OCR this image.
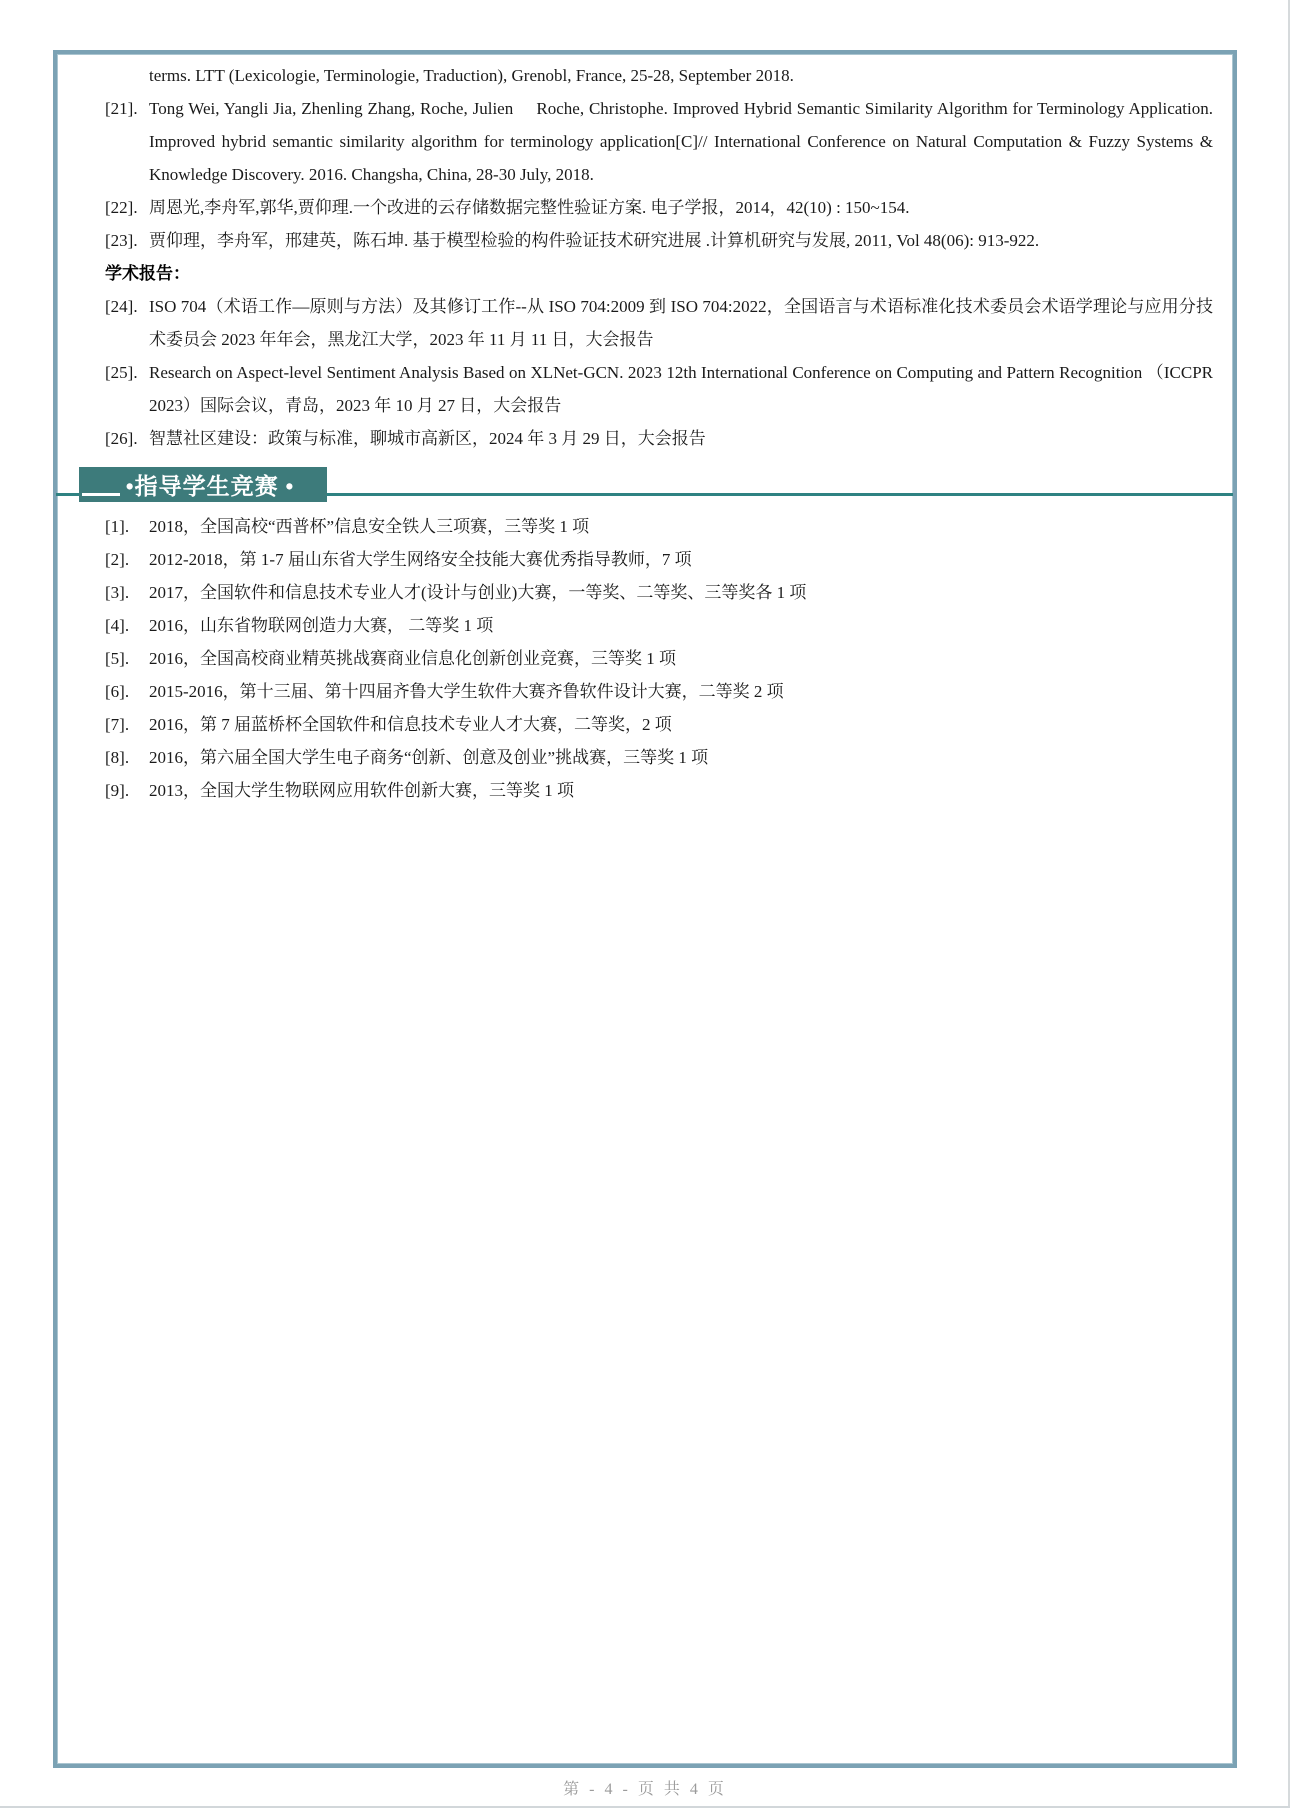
terms. LTT (Lexicologie, Terminologie, Traduction), Grenobl, France, 25-28, September 2018.

[21]. Tong Wei, Yangli Jia, Zhenling Zhang, Roche, Julien　 Roche, Christophe. Improved Hybrid Semantic Similarity Algorithm for Terminology Application. Improved hybrid semantic similarity algorithm for terminology application[C]// International Conference on Natural Computation & Fuzzy Systems & Knowledge Discovery. 2016. Changsha, China, 28-30 July, 2018.

[22]. 周恩光,李舟军,郭华,贾仰理.一个改进的云存储数据完整性验证方案. 电子学报，2014，42(10) : 150~154.

[23]. 贾仰理，李舟军，邢建英，陈石坤. 基于模型检验的构件验证技术研究进展 .计算机研究与发展, 2011, Vol 48(06): 913-922.

学术报告：

[24]. ISO 704（术语工作—原则与方法）及其修订工作--从 ISO 704:2009 到 ISO 704:2022，全国语言与术语标准化技术委员会术语学理论与应用分技术委员会 2023 年年会，黑龙江大学，2023 年 11 月 11 日，大会报告

[25]. Research on Aspect-level Sentiment Analysis Based on XLNet-GCN. 2023 12th International Conference on Computing and Pattern Recognition （ICCPR 2023）国际会议，青岛，2023 年 10 月 27 日，大会报告

[26]. 智慧社区建设：政策与标准，聊城市高新区，2024 年 3 月 29 日，大会报告

•指导学生竞赛 •

[1]. 2018，全国高校“西普杯”信息安全铁人三项赛，三等奖 1 项

[2]. 2012-2018，第 1-7 届山东省大学生网络安全技能大赛优秀指导教师，7 项

[3]. 2017，全国软件和信息技术专业人才(设计与创业)大赛，一等奖、二等奖、三等奖各 1 项

[4]. 2016，山东省物联网创造力大赛， 二等奖 1 项

[5]. 2016，全国高校商业精英挑战赛商业信息化创新创业竞赛，三等奖 1 项

[6]. 2015-2016，第十三届、第十四届齐鲁大学生软件大赛齐鲁软件设计大赛，二等奖 2 项

[7]. 2016，第 7 届蓝桥杯全国软件和信息技术专业人才大赛，二等奖，2 项

[8]. 2016，第六届全国大学生电子商务“创新、创意及创业”挑战赛，三等奖 1 项

[9]. 2013，全国大学生物联网应用软件创新大赛，三等奖 1 项

第 - 4 - 页 共 4 页
